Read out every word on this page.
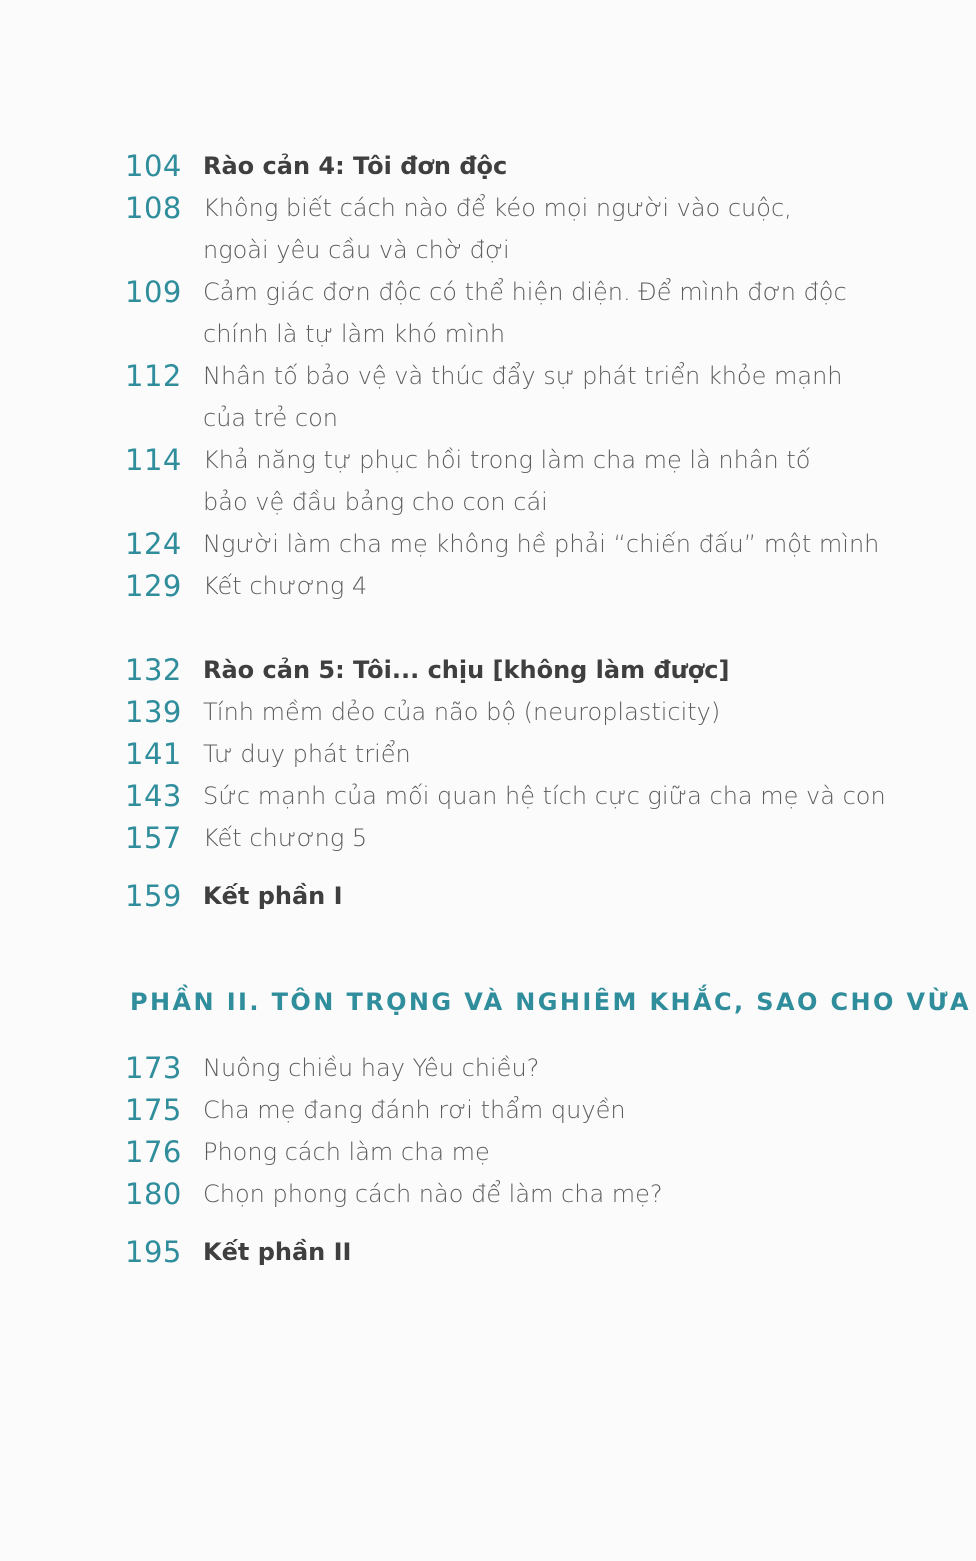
104 Rào cản 4: Tôi đơn độc
108 Không biết cách nào để kéo mọi người vào cuộc,
ngoài yêu cầu và chờ đợi
109 Cảm giác đơn độc có thể hiện diện. Để mình đơn độc
chính là tự làm khó mình
112 Nhân tố bảo vệ và thúc đẩy sự phát triển khỏe mạnh
của trẻ con
114 Khả năng tự phục hồi trong làm cha mẹ là nhân tố
bảo vệ đầu bảng cho con cái
124 Người làm cha mẹ không hề phải “chiến đấu” một mình
129 Kết chương 4
132 Rào cản 5: Tôi... chịu [không làm được]
139 Tính mềm dẻo của não bộ (neuroplasticity)
141 Tư duy phát triển
143 Sức mạnh của mối quan hệ tích cực giữa cha mẹ và con
157 Kết chương 5
159 Kết phần I
PHẦN II. TÔN TRỌNG VÀ NGHIÊM KHẮC, SAO CHO VỪA
173 Nuông chiều hay Yêu chiều?
175 Cha mẹ đang đánh rơi thẩm quyền
176 Phong cách làm cha mẹ
180 Chọn phong cách nào để làm cha mẹ?
195 Kết phần II
